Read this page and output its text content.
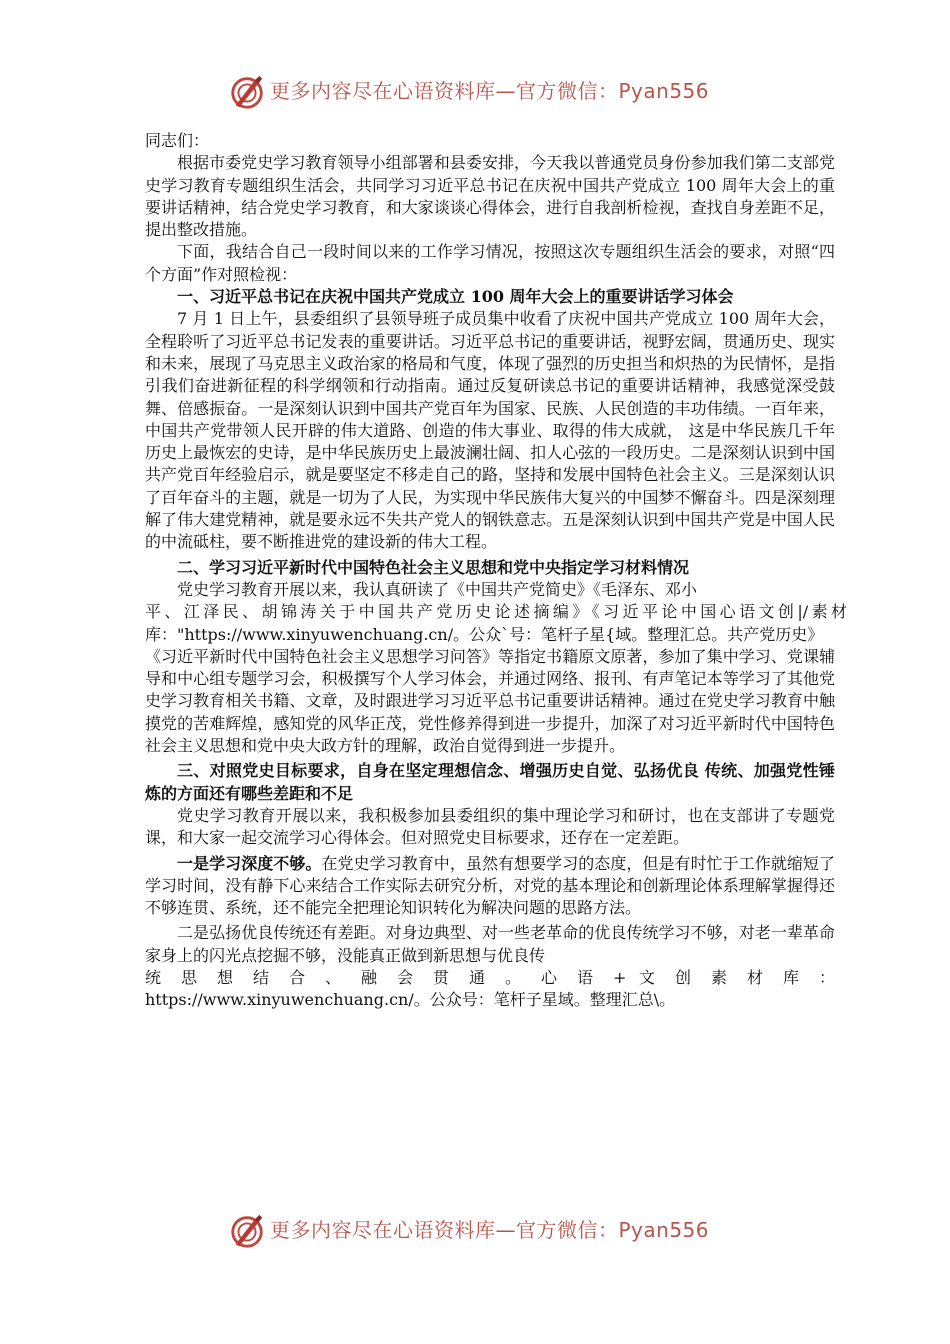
更多内容尽在心语资料库—官方微信：Pyan556

同志们：

根据市委党史学习教育领导小组部署和县委安排，今天我以普通党员身份参加我们第二支部党史学习教育专题组织生活会，共同学习习近平总书记在庆祝中国共产党成立 100 周年大会上的重要讲话精神，结合党史学习教育，和大家谈谈心得体会，进行自我剖析检视，查找自身差距不足，提出整改措施。

下面，我结合自己一段时间以来的工作学习情况，按照这次专题组织生活会的要求，对照“四个方面”作对照检视：

一、习近平总书记在庆祝中国共产党成立 100 周年大会上的重要讲话学习体会

7 月 1 日上午，县委组织了县领导班子成员集中收看了庆祝中国共产党成立 100 周年大会，全程聆听了习近平总书记发表的重要讲话。习近平总书记的重要讲话，视野宏阔，贯通历史、现实和未来，展现了马克思主义政治家的格局和气度，体现了强烈的历史担当和炽热的为民情怀，是指引我们奋进新征程的科学纲领和行动指南。通过反复研读总书记的重要讲话精神，我感觉深受鼓舞、倍感振奋。一是深刻认识到中国共产党百年为国家、民族、人民创造的丰功伟绩。一百年来，中国共产党带领人民开辟的伟大道路、创造的伟大事业、取得的伟大成就， 这是中华民族几千年历史上最恢宏的史诗，是中华民族历史上最波澜壮阔、扣人心弦的一段历史。二是深刻认识到中国共产党百年经验启示，就是要坚定不移走自己的路，坚持和发展中国特色社会主义。三是深刻认识了百年奋斗的主题，就是一切为了人民，为实现中华民族伟大复兴的中国梦不懈奋斗。四是深刻理解了伟大建党精神，就是要永远不失共产党人的钢铁意志。五是深刻认识到中国共产党是中国人民的中流砥柱，要不断推进党的建设新的伟大工程。

二、学习习近平新时代中国特色社会主义思想和党中央指定学习材料情况

党史学习教育开展以来，我认真研读了《中国共产党简史》《毛泽东、邓小

平、江泽民、胡锦涛关于中国共产党历史论述摘编》《习近平论中国心语文创|/素材库："https://www.xinyuwenchuang.cn/。公众`号：笔杆子星{域。整理汇总。共产党历史》

《习近平新时代中国特色社会主义思想学习问答》等指定书籍原文原著，参加了集中学习、党课辅导和中心组专题学习会，积极撰写个人学习体会，并通过网络、报刊、有声笔记本等学习了其他党史学习教育相关书籍、文章，及时跟进学习习近平总书记重要讲话精神。通过在党史学习教育中触摸党的苦难辉煌，感知党的风华正茂，党性修养得到进一步提升，加深了对习近平新时代中国特色社会主义思想和党中央大政方针的理解，政治自觉得到进一步提升。

三、对照党史目标要求，自身在坚定理想信念、增强历史自觉、弘扬优良 传统、加强党性锤炼的方面还有哪些差距和不足

党史学习教育开展以来，我积极参加县委组织的集中理论学习和研讨，也在支部讲了专题党课，和大家一起交流学习心得体会。但对照党史目标要求，还存在一定差距。

一是学习深度不够。在党史学习教育中，虽然有想要学习的态度，但是有时忙于工作就缩短了学习时间，没有静下心来结合工作实际去研究分析，对党的基本理论和创新理论体系理解掌握得还不够连贯、系统，还不能完全把理论知识转化为解决问题的思路方法。

二是弘扬优良传统还有差距。对身边典型、对一些老革命的优良传统学习不够，对老一辈革命家身上的闪光点挖掘不够，没能真正做到新思想与优良传

统 思 想 结 合 、 融 会 贯 通 。 心 语 + 文 创 素 材 库 ：

https://www.xinyuwenchuang.cn/。公众号：笔杆子星域。整理汇总\。

更多内容尽在心语资料库—官方微信：Pyan556
